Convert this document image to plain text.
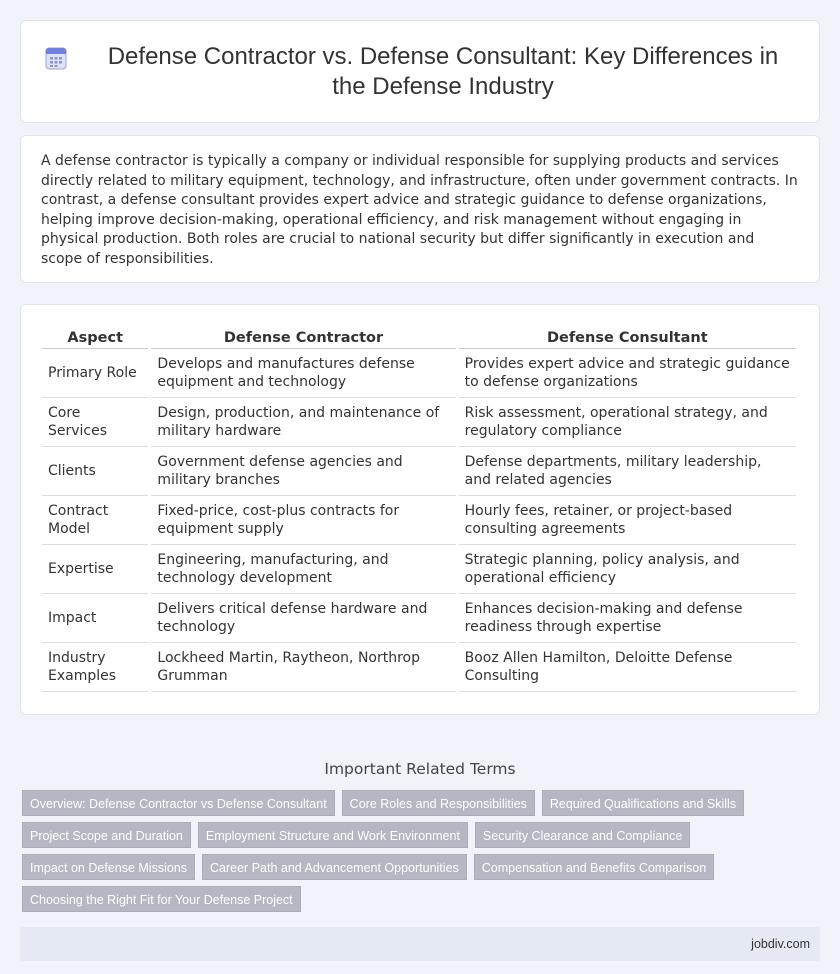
Defense Contractor vs. Defense Consultant: Key Differences in the Defense Industry

A defense contractor is typically a company or individual responsible for supplying products and services directly related to military equipment, technology, and infrastructure, often under government contracts. In contrast, a defense consultant provides expert advice and strategic guidance to defense organizations, helping improve decision-making, operational efficiency, and risk management without engaging in physical production. Both roles are crucial to national security but differ significantly in execution and scope of responsibilities.

Aspect	Defense Contractor	Defense Consultant
Primary Role	Develops and manufactures defense equipment and technology	Provides expert advice and strategic guidance to defense organizations
Core Services	Design, production, and maintenance of military hardware	Risk assessment, operational strategy, and regulatory compliance
Clients	Government defense agencies and military branches	Defense departments, military leadership, and related agencies
Contract Model	Fixed-price, cost-plus contracts for equipment supply	Hourly fees, retainer, or project-based consulting agreements
Expertise	Engineering, manufacturing, and technology development	Strategic planning, policy analysis, and operational efficiency
Impact	Delivers critical defense hardware and technology	Enhances decision-making and defense readiness through expertise
Industry Examples	Lockheed Martin, Raytheon, Northrop Grumman	Booz Allen Hamilton, Deloitte Defense Consulting
Important Related Terms
Overview: Defense Contractor vs Defense Consultant	Core Roles and Responsibilities	Required Qualifications and Skills
Project Scope and Duration	Employment Structure and Work Environment	Security Clearance and Compliance
Impact on Defense Missions	Career Path and Advancement Opportunities	Compensation and Benefits Comparison
Choosing the Right Fit for Your Defense Project
jobdiv.com
